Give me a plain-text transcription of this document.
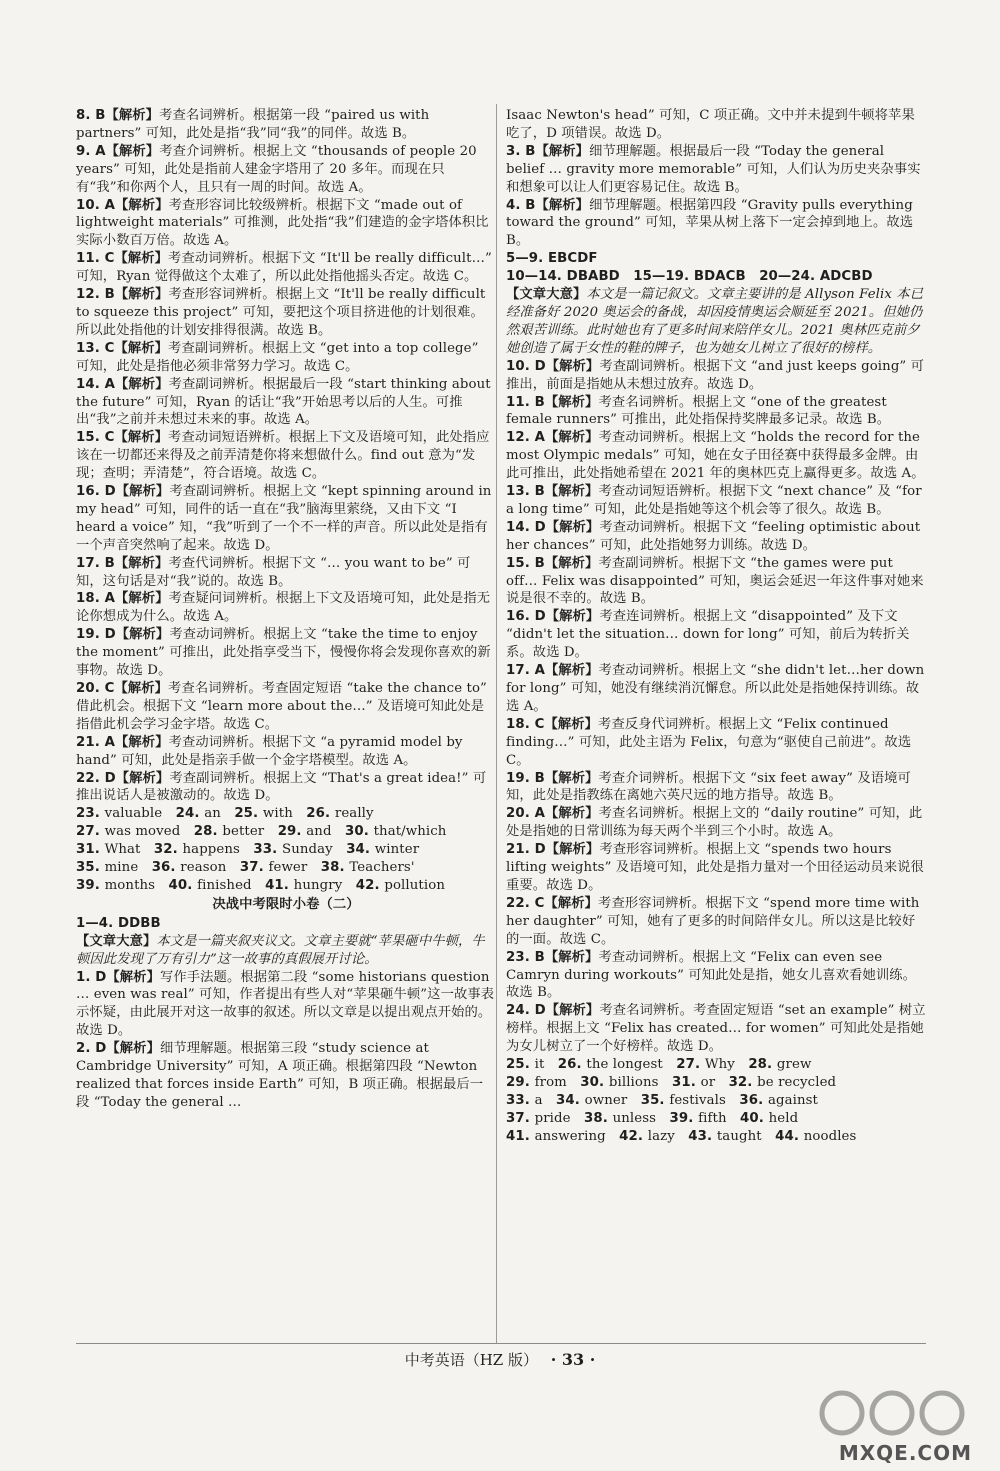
8. B【解析】考查名词辨析。根据第一段 “paired us with partners” 可知，此处是指“我”同“我”的同伴。故选 B。
9. A【解析】考查介词辨析。根据上文 “thousands of people 20 years” 可知，此处是指前人建金字塔用了 20 多年。而现在只有“我”和你两个人，且只有一周的时间。故选 A。
10. A【解析】考查形容词比较级辨析。根据下文 “made out of lightweight materials” 可推测，此处指“我”们建造的金字塔体积比实际小数百万倍。故选 A。
11. C【解析】考查动词辨析。根据下文 “It'll be really difficult…” 可知，Ryan 觉得做这个太难了，所以此处指他摇头否定。故选 C。
12. B【解析】考查形容词辨析。根据上文 “It'll be really difficult to squeeze this project” 可知，要把这个项目挤进他的计划很难。所以此处指他的计划安排得很满。故选 B。
13. C【解析】考查副词辨析。根据上文 “get into a top college” 可知，此处是指他必须非常努力学习。故选 C。
14. A【解析】考查副词辨析。根据最后一段 “start thinking about the future” 可知，Ryan 的话让“我”开始思考以后的人生。可推出“我”之前并未想过未来的事。故选 A。
15. C【解析】考查动词短语辨析。根据上下文及语境可知，此处指应该在一切都还来得及之前弄清楚你将来想做什么。find out 意为“发现；查明；弄清楚”，符合语境。故选 C。
16. D【解析】考查副词辨析。根据上文 “kept spinning around in my head” 可知，同件的话一直在“我”脑海里萦绕，又由下文 “I heard a voice” 知，“我”听到了一个不一样的声音。所以此处是指有一个声音突然响了起来。故选 D。
17. B【解析】考查代词辨析。根据下文 “… you want to be” 可知，这句话是对“我”说的。故选 B。
18. A【解析】考查疑问词辨析。根据上下文及语境可知，此处是指无论你想成为什么。故选 A。
19. D【解析】考查动词辨析。根据上文 “take the time to enjoy the moment” 可推出，此处指享受当下，慢慢你将会发现你喜欢的新事物。故选 D。
20. C【解析】考查名词辨析。考查固定短语 “take the chance to” 借此机会。根据下文 “learn more about the…” 及语境可知此处是指借此机会学习金字塔。故选 C。
21. A【解析】考查动词辨析。根据下文 “a pyramid model by hand” 可知，此处是指亲手做一个金字塔模型。故选 A。
22. D【解析】考查副词辨析。根据上文 “That's a great idea!” 可推出说话人是被激动的。故选 D。
23. valuable  24. an  25. with  26. really
27. was moved  28. better  29. and  30. that/which
31. What  32. happens  33. Sunday  34. winter
35. mine  36. reason  37. fewer  38. Teachers'
39. months  40. finished  41. hungry  42. pollution
决战中考限时小卷（二）
1—4. DDBB
【文章大意】本文是一篇夹叙夹议文。文章主要就“苹果砸中牛顿，牛顿因此发现了万有引力”这一故事的真假展开讨论。
1. D【解析】写作手法题。根据第二段 “some historians question … even was real” 可知，作者提出有些人对“苹果砸牛顿”这一故事表示怀疑，由此展开对这一故事的叙述。所以文章是以提出观点开始的。故选 D。
2. D【解析】细节理解题。根据第三段 “study science at Cambridge University” 可知，A 项正确。根据第四段 “Newton realized that forces inside Earth” 可知，B 项正确。根据最后一段 “Today the general …
Isaac Newton's head” 可知，C 项正确。文中并未提到牛顿将苹果吃了，D 项错误。故选 D。
3. B【解析】细节理解题。根据最后一段 “Today the general belief … gravity more memorable” 可知，人们认为历史夹杂事实和想象可以让人们更容易记住。故选 B。
4. B【解析】细节理解题。根据第四段 “Gravity pulls everything toward the ground” 可知，苹果从树上落下一定会掉到地上。故选 B。
5—9. EBCDF
10—14. DBABD  15—19. BDACB  20—24. ADCBD
【文章大意】本文是一篇记叙文。文章主要讲的是 Allyson Felix 本已经准备好 2020 奥运会的备战，却因疫情奥运会顺延至 2021。但她仍然艰苦训练。此时她也有了更多时间来陪伴女儿。2021 奥林匹克前夕她创造了属于女性的鞋的牌子，也为她女儿树立了很好的榜样。
10. D【解析】考查副词辨析。根据下文 “and just keeps going” 可推出，前面是指她从未想过放弃。故选 D。
11. B【解析】考查名词辨析。根据上文 “one of the greatest female runners” 可推出，此处指保持奖牌最多记录。故选 B。
12. A【解析】考查动词辨析。根据上文 “holds the record for the most Olympic medals” 可知，她在女子田径赛中获得最多金牌。由此可推出，此处指她希望在 2021 年的奥林匹克上赢得更多。故选 A。
13. B【解析】考查动词短语辨析。根据下文 “next chance” 及 “for a long time” 可知，此处是指她等这个机会等了很久。故选 B。
14. D【解析】考查动词辨析。根据下文 “feeling optimistic about her chances” 可知，此处指她努力训练。故选 D。
15. B【解析】考查副词辨析。根据下文 “the games were put off… Felix was disappointed” 可知，奥运会延迟一年这件事对她来说是很不幸的。故选 B。
16. D【解析】考查连词辨析。根据上文 “disappointed” 及下文 “didn't let the situation… down for long” 可知，前后为转折关系。故选 D。
17. A【解析】考查动词辨析。根据上文 “she didn't let…her down for long” 可知，她没有继续消沉懈怠。所以此处是指她保持训练。故选 A。
18. C【解析】考查反身代词辨析。根据上文 “Felix continued finding…” 可知，此处主语为 Felix，句意为“驱使自己前进”。故选 C。
19. B【解析】考查介词辨析。根据下文 “six feet away” 及语境可知，此处是指教练在离她六英尺远的地方指导。故选 B。
20. A【解析】考查名词辨析。根据上文的 “daily routine” 可知，此处是指她的日常训练为每天两个半到三个小时。故选 A。
21. D【解析】考查形容词辨析。根据上文 “spends two hours lifting weights” 及语境可知，此处是指力量对一个田径运动员来说很重要。故选 D。
22. C【解析】考查形容词辨析。根据下文 “spend more time with her daughter” 可知，她有了更多的时间陪伴女儿。所以这是比较好的一面。故选 C。
23. B【解析】考查动词辨析。根据上文 “Felix can even see Camryn during workouts” 可知此处是指，她女儿喜欢看她训练。故选 B。
24. D【解析】考查名词辨析。考查固定短语 “set an example” 树立榜样。根据上文 “Felix has created… for women” 可知此处是指她为女儿树立了一个好榜样。故选 D。
25. it  26. the longest  27. Why  28. grew
29. from  30. billions  31. or  32. be recycled
33. a  34. owner  35. festivals  36. against
37. pride  38. unless  39. fifth  40. held
41. answering  42. lazy  43. taught  44. noodles
中考英语（HZ 版） · 33 ·
MXQE.COM
